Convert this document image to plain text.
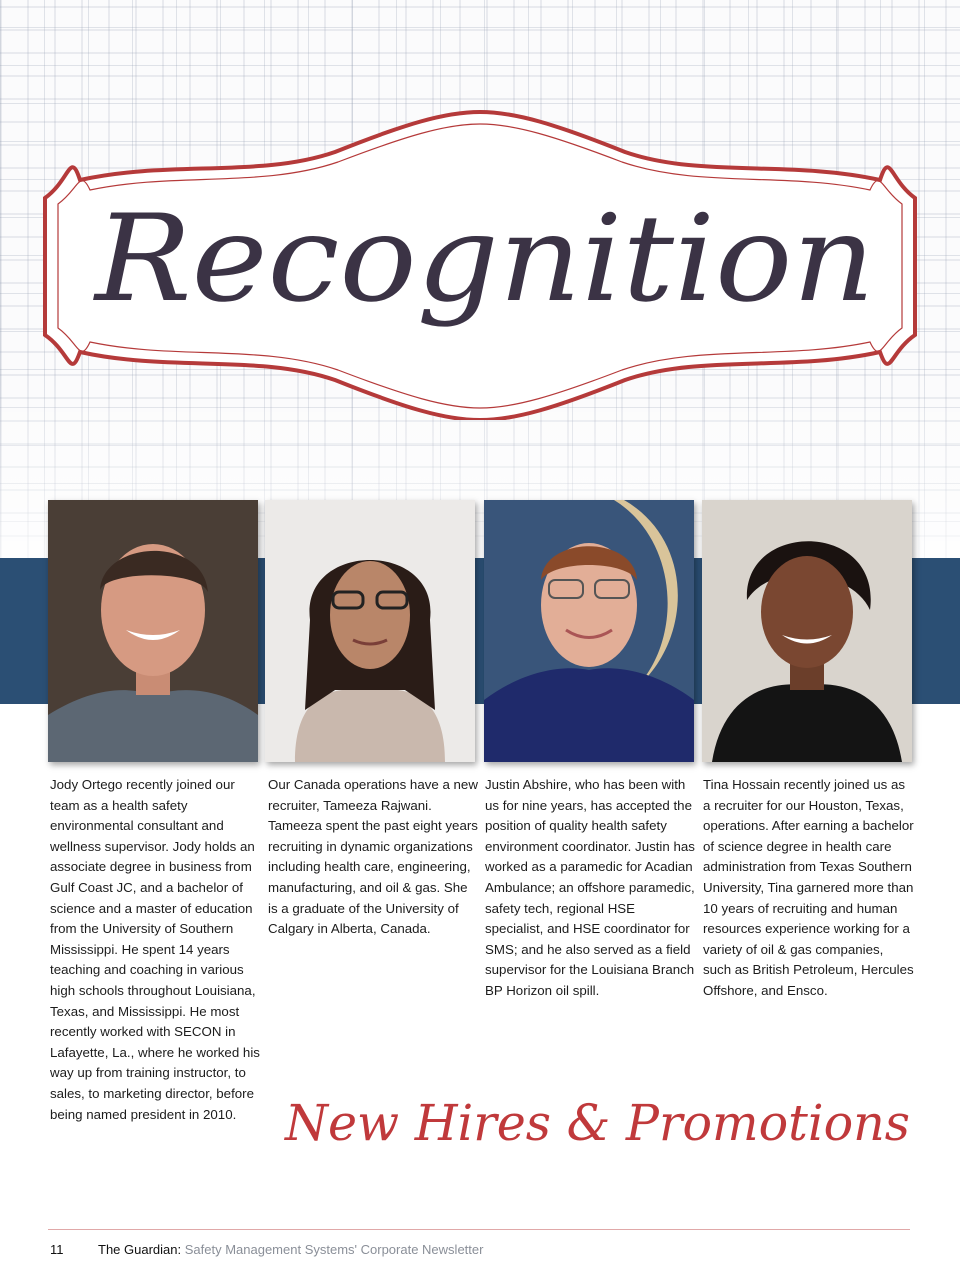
Recognition
Jody Ortego recently joined our team as a health safety environmental consultant and wellness supervisor. Jody holds an associate degree in business from Gulf Coast JC, and a bachelor of science and a master of education from the University of Southern Mississippi. He spent 14 years teaching and coaching in various high schools throughout Louisiana, Texas, and Mississippi. He most recently worked with SECON in Lafayette, La., where he worked his way up from training instructor, to sales, to marketing director, before being named president in 2010.
Our Canada operations have a new recruiter, Tameeza Rajwani. Tameeza spent the past eight years recruiting in dynamic organizations including health care, engineering, manufacturing, and oil & gas. She is a graduate of the University of Calgary in Alberta, Canada.
Justin Abshire, who has been with us for nine years, has accepted the position of quality health safety environment coordinator. Justin has worked as a paramedic for Acadian Ambulance; an offshore paramedic, safety tech, regional HSE specialist, and HSE coordinator for SMS; and he also served as a field supervisor for the Louisiana Branch BP Horizon oil spill.
Tina Hossain recently joined us as a recruiter for our Houston, Texas, operations. After earning a bachelor of science degree in health care administration from Texas Southern University, Tina garnered more than 10 years of recruiting and human resources experience working for a variety of oil & gas companies, such as British Petroleum, Hercules Offshore, and Ensco.
New Hires & Promotions
11	The Guardian: Safety Management Systems' Corporate Newsletter
